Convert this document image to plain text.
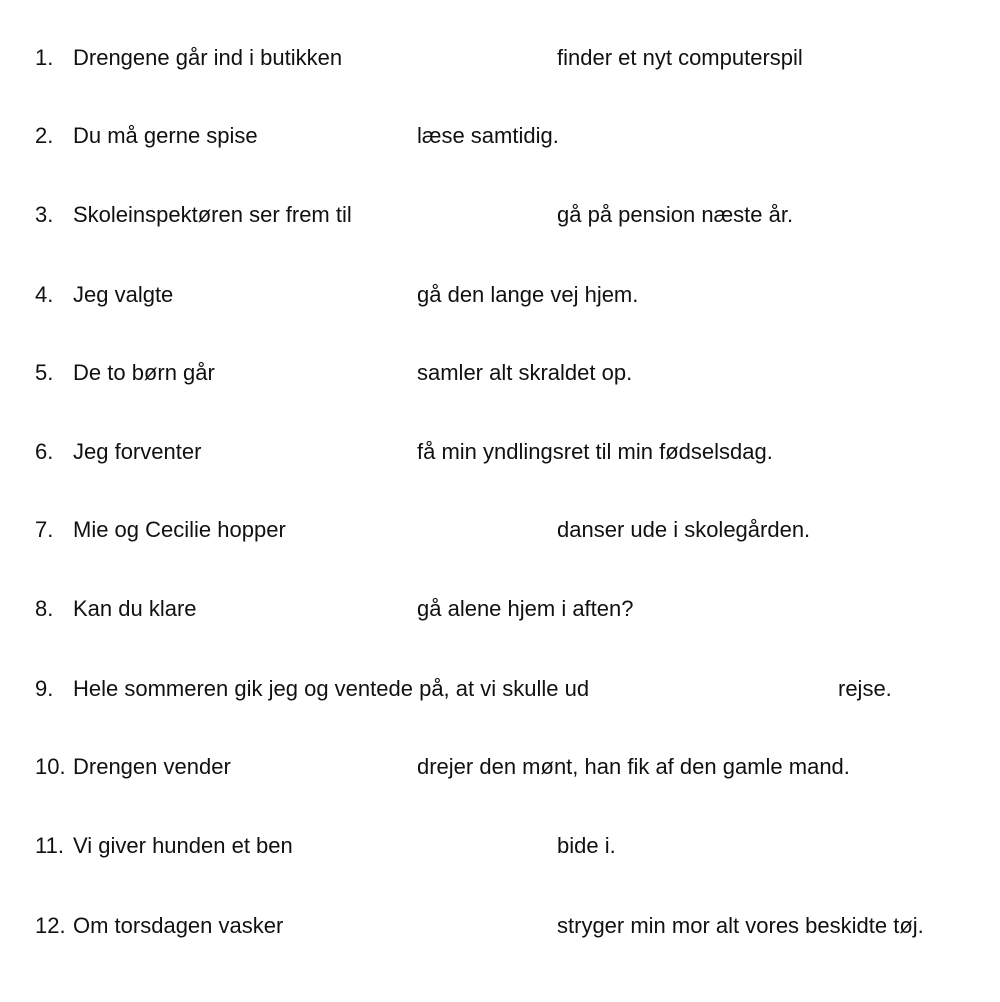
1. Drengene går ind i butikken	finder et nyt computerspil
2. Du må gerne spise	læse samtidig.
3. Skoleinspektøren ser frem til	gå på pension næste år.
4. Jeg valgte	gå den lange vej hjem.
5. De to børn går	samler alt skraldet op.
6. Jeg forventer	få min yndlingsret til min fødselsdag.
7. Mie og Cecilie hopper	danser ude i skolegården.
8. Kan du klare	gå alene hjem i aften?
9. Hele sommeren gik jeg og ventede på, at vi skulle ud	rejse.
10. Drengen vender	drejer den mønt, han fik af den gamle mand.
11. Vi giver hunden et ben	bide i.
12. Om torsdagen vasker	stryger min mor alt vores beskidte tøj.
